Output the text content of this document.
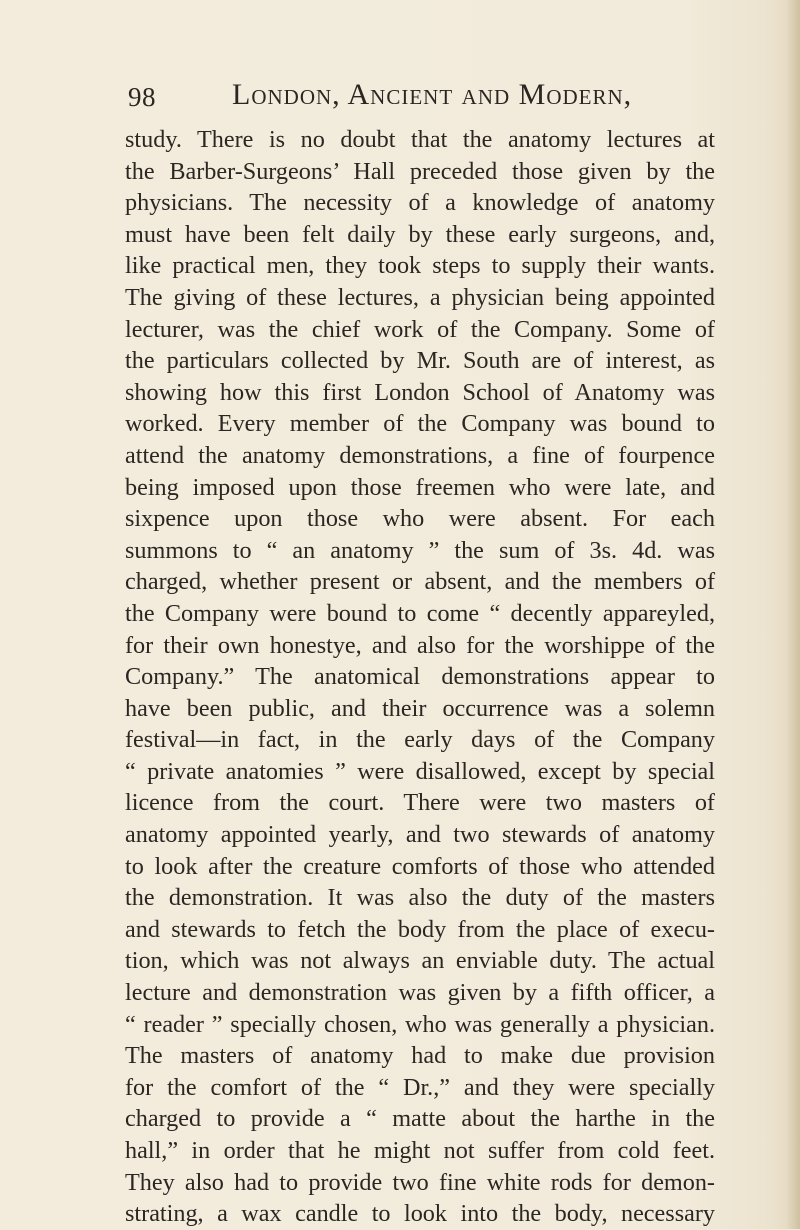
98	London, Ancient and Modern,
study. There is no doubt that the anatomy lectures at
the Barber-Surgeons’ Hall preceded those given by the
physicians. The necessity of a knowledge of anatomy
must have been felt daily by these early surgeons, and,
like practical men, they took steps to supply their wants.
The giving of these lectures, a physician being appointed
lecturer, was the chief work of the Company. Some of
the particulars collected by Mr. South are of interest, as
showing how this first London School of Anatomy was
worked. Every member of the Company was bound to
attend the anatomy demonstrations, a fine of fourpence
being imposed upon those freemen who were late, and
sixpence upon those who were absent. For each
summons to “ an anatomy ” the sum of 3s. 4d. was
charged, whether present or absent, and the members of
the Company were bound to come “ decently appareyled,
for their own honestye, and also for the worshippe of the
Company.” The anatomical demonstrations appear to
have been public, and their occurrence was a solemn
festival—in fact, in the early days of the Company
“ private anatomies ” were disallowed, except by special
licence from the court. There were two masters of
anatomy appointed yearly, and two stewards of anatomy
to look after the creature comforts of those who attended
the demonstration. It was also the duty of the masters
and stewards to fetch the body from the place of execu-
tion, which was not always an enviable duty. The actual
lecture and demonstration was given by a fifth officer, a
“ reader ” specially chosen, who was generally a physician.
The masters of anatomy had to make due provision
for the comfort of the “ Dr.,” and they were specially
charged to provide a “ matte about the harthe in the
hall,” in order that he might not suffer from cold feet.
They also had to provide two fine white rods for demon-
strating, a wax candle to look into the body, necessary
